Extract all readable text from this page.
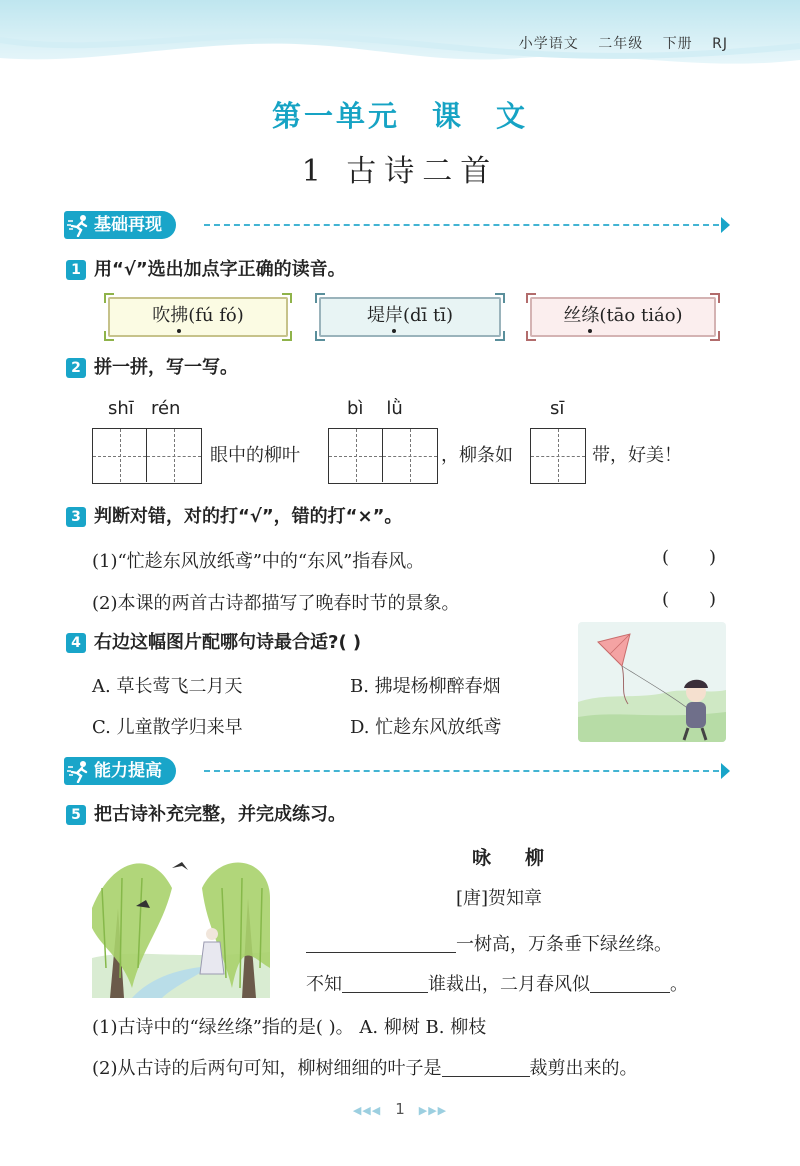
小学语文 二年级 下册 RJ
第一单元　课　文
1 古诗二首
基础再现
1 用“√”选出加点字正确的读音。
吹拂(fú fó)	堤岸(dī tī)	丝绦(tāo tiáo)
2 拼一拼，写一写。
shī   rén	bì    lǜ	sī
眼中的柳叶	，柳条如	带，好美！
3 判断对错，对的打“√”，错的打“×”。
(1)“忙趁东风放纸鸢”中的“东风”指春风。	()
(2)本课的两首古诗都描写了晚春时节的景象。	()
4 右边这幅图片配哪句诗最合适?( )
A. 草长莺飞二月天	B. 拂堤杨柳醉春烟
C. 儿童散学归来早	D. 忙趁东风放纸鸢
能力提高
5 把古诗补充完整，并完成练习。
咏柳
[唐]贺知章
一树高，万条垂下绿丝绦。
不知	谁裁出，二月春风似	。
(1)古诗中的“绿丝绦”指的是( )。 A. 柳树 B. 柳枝
(2)从古诗的后两句可知，柳树细细的叶子是	裁剪出来的。
◀◀◀ 1 ▶▶▶
